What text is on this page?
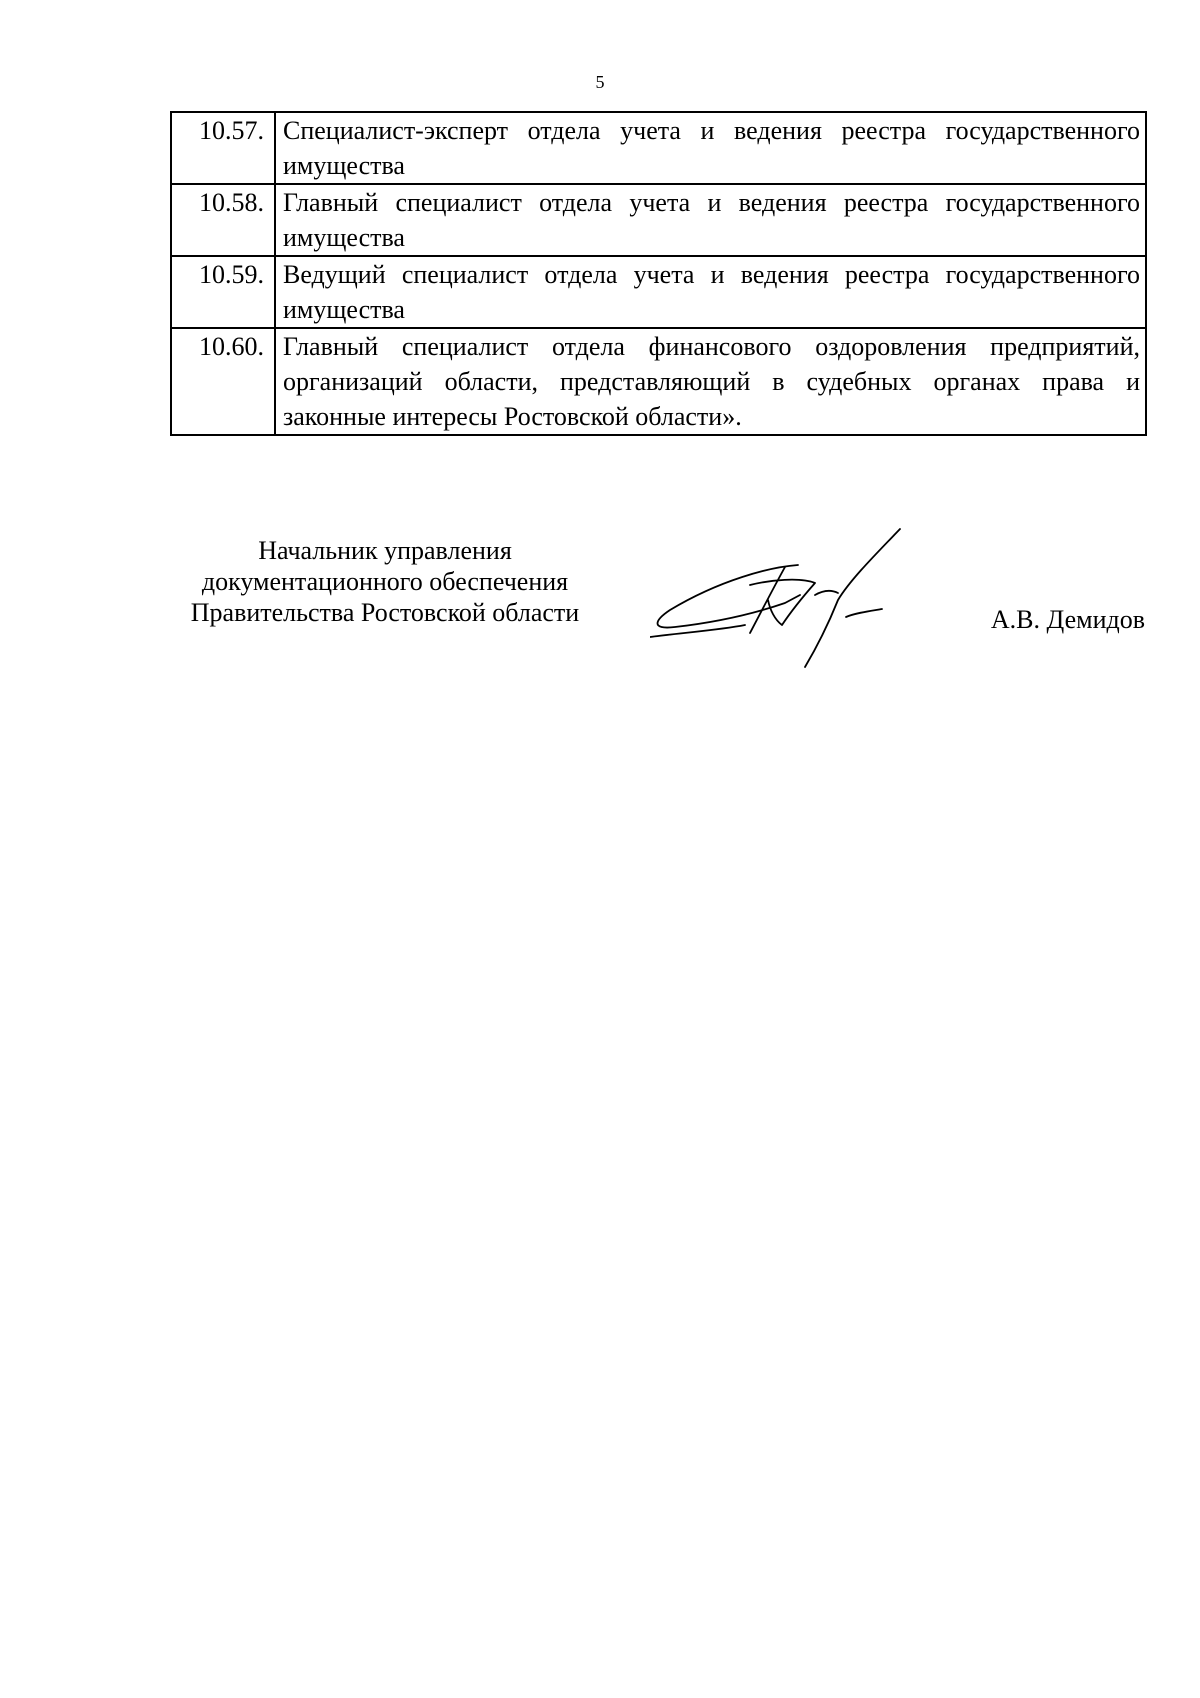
5
10.57.	Специалист-эксперт отдела учета и ведения реестра государственного имущества
10.58.	Главный специалист отдела учета и ведения реестра государственного имущества
10.59.	Ведущий специалист отдела учета и ведения реестра государственного имущества
10.60.	Главный специалист отдела финансового оздоровления предприятий, организаций области, представляющий в судебных органах права и законные интересы Ростовской области».
Начальник управления
документационного обеспечения
Правительства Ростовской области	А.В. Демидов
